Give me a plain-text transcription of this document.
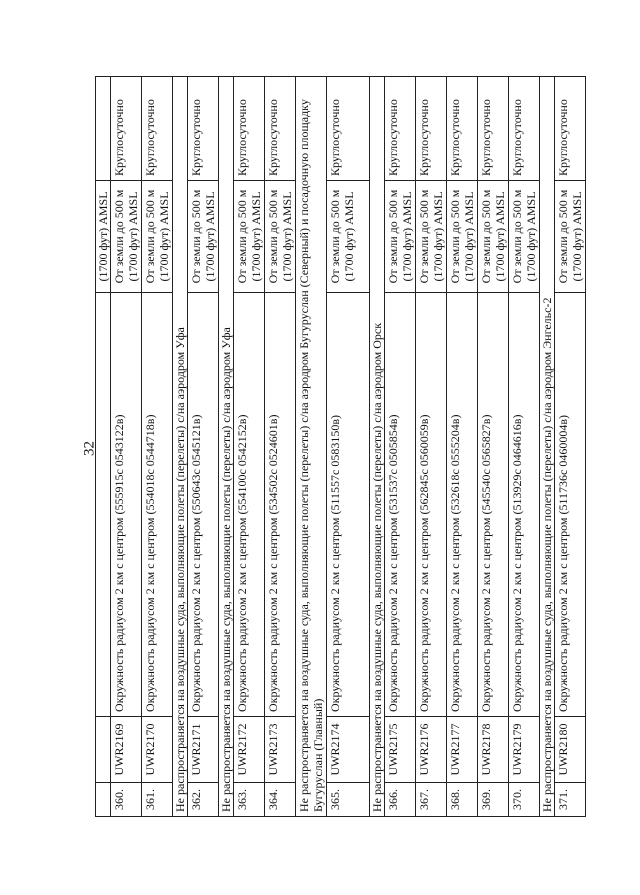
32
			(1700 фут) AMSL	
360.	UWR2169	Окружность радиусом 2 км с центром (555915с 0543122в)	От земли до 500 м (1700 фут) AMSL	Круглосуточно
361.	UWR2170	Окружность радиусом 2 км с центром (554018с 0544718в)	От земли до 500 м (1700 фут) AMSL	Круглосуточно
Не распространяется на воздушные суда, выполняющие полеты (перелеты) с/на аэродром Уфа				
362.	UWR2171	Окружность радиусом 2 км с центром (550643с 0545121в)	От земли до 500 м (1700 фут) AMSL	Круглосуточно
Не распространяется на воздушные суда, выполняющие полеты (перелеты) с/на аэродром Уфа				
363.	UWR2172	Окружность радиусом 2 км с центром (554100с 0542152в)	От земли до 500 м (1700 фут) AMSL	Круглосуточно
364.	UWR2173	Окружность радиусом 2 км с центром (534502с 0524601в)	От земли до 500 м (1700 фут) AMSL	Круглосуточно
Не распространяется на воздушные суда, выполняющие полеты (перелеты) с/на аэродром Бугуруслан (Северный) и посадочную площадку Бугуруслан (Главный)				
365.	UWR2174	Окружность радиусом 2 км с центром (511557с 0583150в)	От земли до 500 м (1700 фут) AMSL	Круглосуточно
Не распространяется на воздушные суда, выполняющие полеты (перелеты) с/на аэродром Орск				
366.	UWR2175	Окружность радиусом 2 км с центром (531537с 0505854в)	От земли до 500 м (1700 фут) AMSL	Круглосуточно
367.	UWR2176	Окружность радиусом 2 км с центром (562845с 0560059в)	От земли до 500 м (1700 фут) AMSL	Круглосуточно
368.	UWR2177	Окружность радиусом 2 км с центром (532618с 0555204в)	От земли до 500 м (1700 фут) AMSL	Круглосуточно
369.	UWR2178	Окружность радиусом 2 км с центром (545540с 0565827в)	От земли до 500 м (1700 фут) AMSL	Круглосуточно
370.	UWR2179	Окружность радиусом 2 км с центром (513929с 0464616в)	От земли до 500 м (1700 фут) AMSL	Круглосуточно
Не распространяется на воздушные суда, выполняющие полеты (перелеты) с/на аэродром Энгельс-2				
371.	UWR2180	Окружность радиусом 2 км с центром (511736с 0460004в)	От земли до 500 м (1700 фут) AMSL	Круглосуточно
